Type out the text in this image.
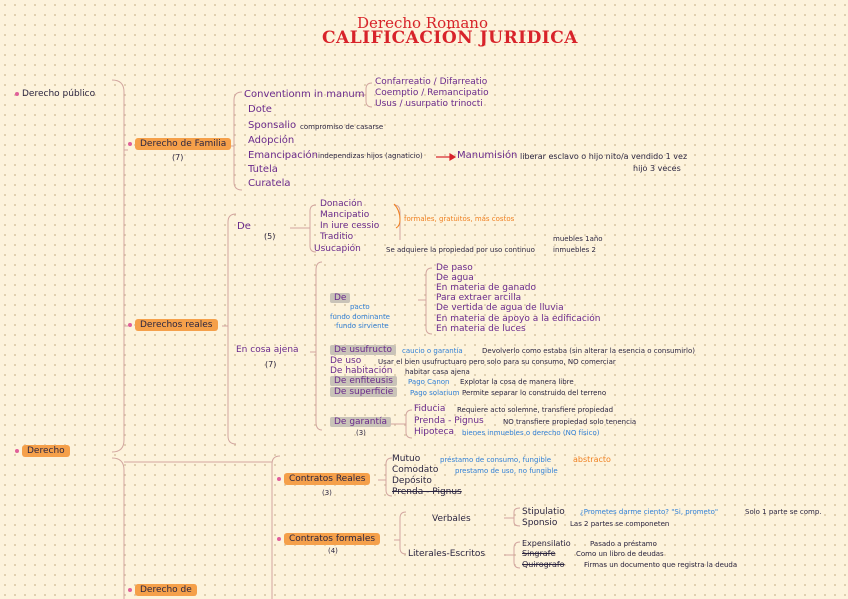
Derecho Romano
CALIFICACIÓN JURIDICA
Derecho público
Derecho
Derecho de Familia
(7)
Conventionm in manum
Confarreatio / Difarreatio
Coemptio / Remancipatio
Usus / usurpatio trinocti
Dote
Sponsalio compromiso de casarse
Adopción
Emancipación independizas hijos (agnaticio)	Manumisión liberar esclavo o hijo nito/a vendido 1 vez
hijo 3 veces
Tutela
Curatela
Derechos reales
De
(5)
Donación
Mancipatio
In iure cessio
Traditio
formales, gratuitos, más costos
Usucapión	Se adquiere la propiedad por uso continuo
muebles 1año
inmuebles 2
En cosa ajena
(7)
De
pacto
fundo dominante
fundo sirviente
De paso
De agua
En materia de ganado
Para extraer arcilla
De vertida de agua de lluvia
En materia de apoyo a la edificación
En materia de luces
De usufructo	caucio o garantía	Devolverlo como estaba (sin alterar la esencia o consumirlo)
De uso Usar el bien usufructuaro pero solo para su consumo, NO comerciar
De habitación habitar casa ajena
De enfiteusis	Pago Canon Explotar la cosa de manera libre
De superficie	Pago solarium Permite separar lo construido del terreno
De garantía
(3)
Fiducia Requiere acto solemne, transfiere propiedad
Prenda - Pignus	NO transfiere propiedad solo tenencia
Hipoteca bienes inmuebles o derecho (NO físico)
Contratos Reales
(3)
Mutuo	préstamo de consumo, fungible	abstracto
Comodato prestamo de uso, no fungible
Depósito
Prenda - Pignus
Contratos formales
(4)
Verbales
Stipulatio ¿Prometes darme ciento? "Si, prometo"	Solo 1 parte se comp.
Sponsio Las 2 partes se componeten
Literales-Escritos
Expensilatio	Pasado a préstamo
Singrafe	Como un libro de deudas
Quirografo	Firmas un documento que registra la deuda
Derecho de
